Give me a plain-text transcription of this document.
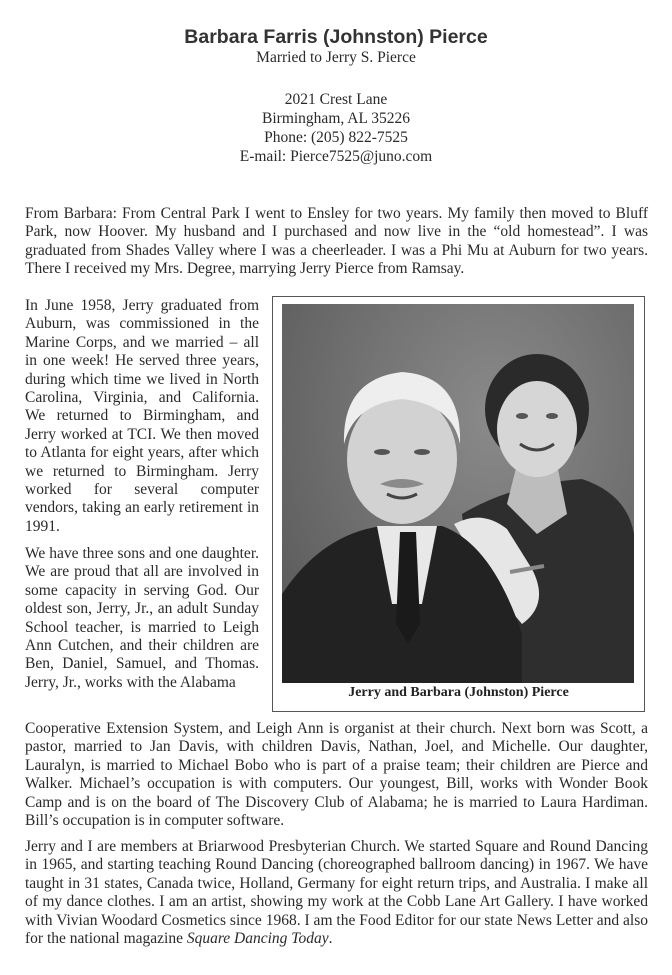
Barbara Farris (Johnston) Pierce
Married to Jerry S. Pierce
2021 Crest Lane
Birmingham, AL 35226
Phone: (205) 822-7525
E-mail: Pierce7525@juno.com

From Barbara: From Central Park I went to Ensley for two years. My family then moved to Bluff Park, now Hoover. My husband and I purchased and now live in the “old homestead”. I was graduated from Shades Valley where I was a cheerleader. I was a Phi Mu at Auburn for two years. There I received my Mrs. Degree, marrying Jerry Pierce from Ramsay.

In June 1958, Jerry graduated from Auburn, was commissioned in the Marine Corps, and we married – all in one week! He served three years, during which time we lived in North Carolina, Virginia, and California. We returned to Birmingham, and Jerry worked at TCI. We then moved to Atlanta for eight years, after which we returned to Birmingham. Jerry worked for several computer vendors, taking an early retirement in 1991.

We have three sons and one daughter. We are proud that all are involved in some capacity in serving God. Our oldest son, Jerry, Jr., an adult Sunday School teacher, is married to Leigh Ann Cutchen, and their children are Ben, Daniel, Samuel, and Thomas. Jerry, Jr., works with the Alabama

Cooperative Extension System, and Leigh Ann is organist at their church. Next born was Scott, a pastor, married to Jan Davis, with children Davis, Nathan, Joel, and Michelle. Our daughter, Lauralyn, is married to Michael Bobo who is part of a praise team; their children are Pierce and Walker. Michael’s occupation is with computers. Our youngest, Bill, works with Wonder Book Camp and is on the board of The Discovery Club of Alabama; he is married to Laura Hardiman. Bill’s occupation is in computer software.

Jerry and I are members at Briarwood Presbyterian Church. We started Square and Round Dancing in 1965, and starting teaching Round Dancing (choreographed ballroom dancing) in 1967. We have taught in 31 states, Canada twice, Holland, Germany for eight return trips, and Australia. I make all of my dance clothes. I am an artist, showing my work at the Cobb Lane Art Gallery. I have worked with Vivian Woodard Cosmetics since 1968. I am the Food Editor for our state News Letter and also for the national magazine Square Dancing Today.

Jerry and Barbara (Johnston) Pierce
